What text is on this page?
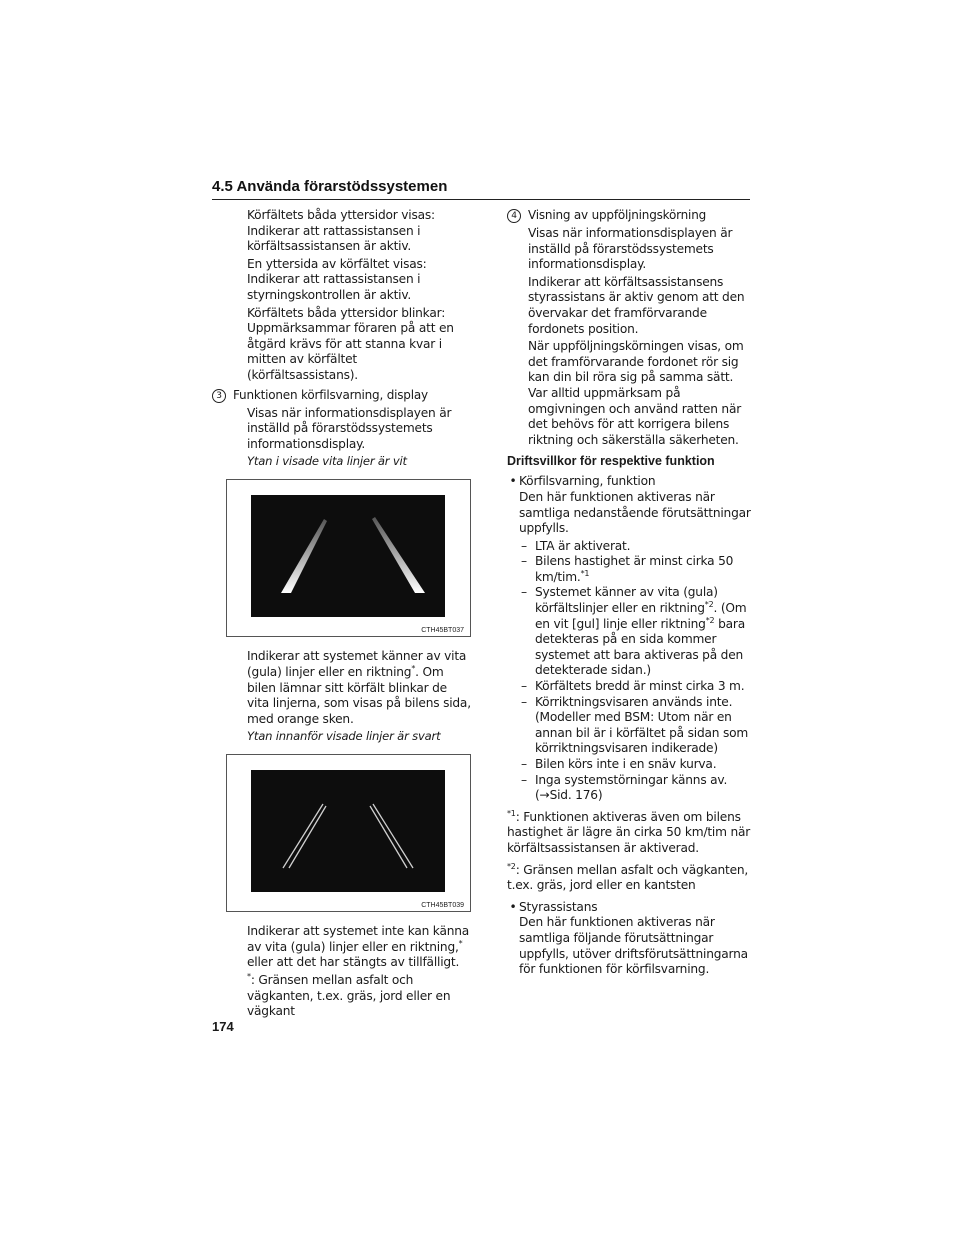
4.5 Använda förarstödssystemen

Körfältets båda yttersidor visas: Indikerar att rattassistansen i körfältsassistansen är aktiv.

En yttersida av körfältet visas: Indikerar att rattassistansen i styrningskontrollen är aktiv.

Körfältets båda yttersidor blinkar: Uppmärksammar föraren på att en åtgärd krävs för att stanna kvar i mitten av körfältet (körfältsassistans).

3 Funktionen körfilsvarning, display

Visas när informationsdisplayen är inställd på förarstödssystemets informationsdisplay.

Ytan i visade vita linjer är vit
CTH45BT037

Indikerar att systemet känner av vita (gula) linjer eller en riktning*. Om bilen lämnar sitt körfält blinkar de vita linjerna, som visas på bilens sida, med orange sken.

Ytan innanför visade linjer är svart
CTH45BT039

Indikerar att systemet inte kan känna av vita (gula) linjer eller en riktning,* eller att det har stängts av tillfälligt.

*: Gränsen mellan asfalt och vägkanten, t.ex. gräs, jord eller en vägkant

4 Visning av uppföljningskörning

Visas när informationsdisplayen är inställd på förarstödssystemets informationsdisplay.

Indikerar att körfältsassistansens styrassistans är aktiv genom att den övervakar det framförvarande fordonets position.

När uppföljningskörningen visas, om det framförvarande fordonet rör sig kan din bil röra sig på samma sätt. Var alltid uppmärksam på omgivningen och använd ratten när det behövs för att korrigera bilens riktning och säkerställa säkerheten.

Driftsvillkor för respektive funktion
• Körfilsvarning, funktion

Den här funktionen aktiveras när samtliga nedanstående förutsättningar uppfylls.

– LTA är aktiverat.
– Bilens hastighet är minst cirka 50 km/tim.$^{*1}$
– Systemet känner av vita (gula) körfältslinjer eller en riktning$^{*2}$. (Om en vit [gul] linje eller riktning$^{*2}$ bara detekteras på en sida kommer systemet att bara aktiveras på den detekterade sidan.)
– Körfältets bredd är minst cirka 3 m.
– Körriktningsvisaren används inte. (Modeller med BSM: Utom när en annan bil är i körfältet på sidan som körriktningsvisaren indikerade)
– Bilen körs inte i en snäv kurva.
– Inga systemstörningar känns av. (→Sid. 176)

$^{*1}$: Funktionen aktiveras även om bilens hastighet är lägre än cirka 50 km/tim när körfältsassistansen är aktiverad.

$^{*2}$: Gränsen mellan asfalt och vägkanten, t.ex. gräs, jord eller en kantsten

• Styrassistans

Den här funktionen aktiveras när samtliga följande förutsättningar uppfylls, utöver driftsförutsättningarna för funktionen för körfilsvarning.

174
